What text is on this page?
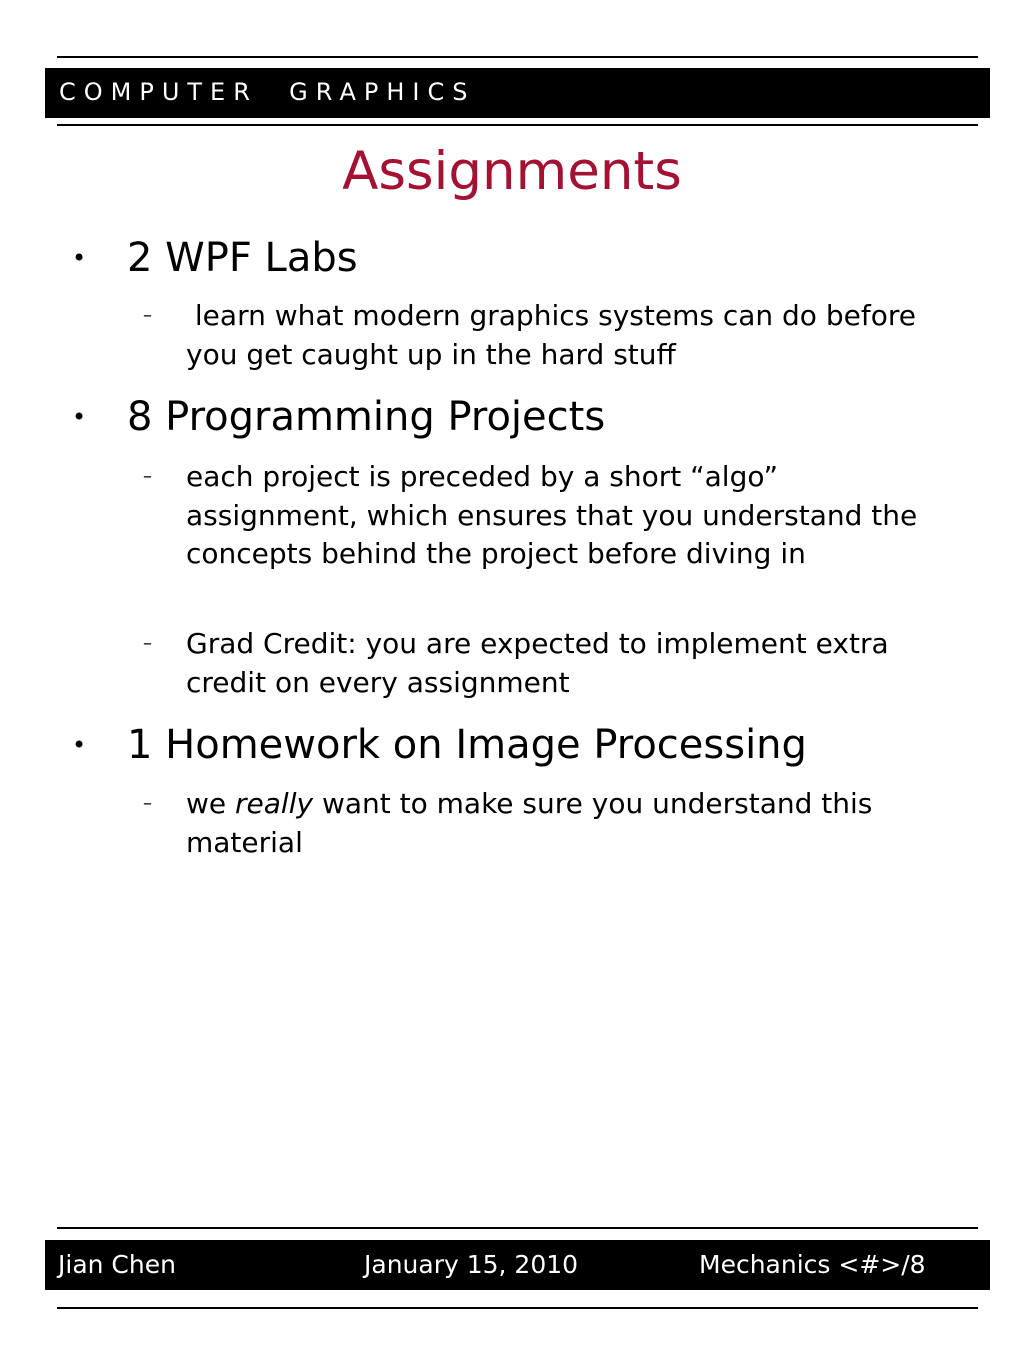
COMPUTER  GRAPHICS
Assignments
• 2 WPF Labs
– learn what modern graphics systems can do before you get caught up in the hard stuff
• 8 Programming Projects
– each project is preceded by a short “algo” assignment, which ensures that you understand the concepts behind the project before diving in
– Grad Credit: you are expected to implement extra credit on every assignment
• 1 Homework on Image Processing
– we really want to make sure you understand this material
Jian Chen	January 15, 2010	Mechanics <#>/8
